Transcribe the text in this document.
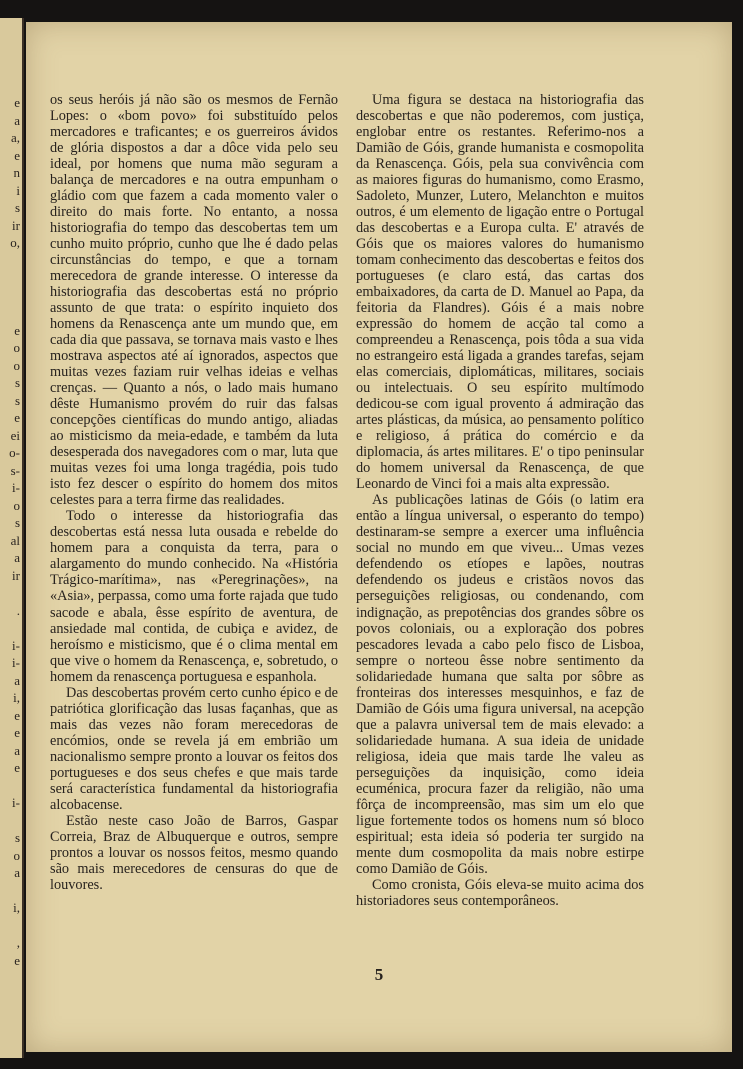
e
a
a,
e
n
i
s
ir
o,
e
o
o
s
s
e
ei
o-
s-
i-
o
s
al
a
ir
.
i-
i-
a
i,
e
e
a
e
i-
s
o
a
i,
,
e

os seus heróis já não são os mesmos de Fernão Lopes: o «bom povo» foi substituído pelos mercadores e traficantes; e os guerreiros ávidos de glória dispostos a dar a dôce vida pelo seu ideal, por homens que numa mão seguram a balança de mercadores e na outra empunham o gládio com que fazem a cada momento valer o direito do mais forte. No entanto, a nossa historiografia do tempo das descobertas tem um cunho muito próprio, cunho que lhe é dado pelas circunstâncias do tempo, e que a tornam merecedora de grande interesse. O interesse da historiografia das descobertas está no próprio assunto de que trata: o espírito inquieto dos homens da Renascença ante um mundo que, em cada dia que passava, se tornava mais vasto e lhes mostrava aspectos até aí ignorados, aspectos que muitas vezes faziam ruir velhas ideias e velhas crenças. — Quanto a nós, o lado mais humano dêste Humanismo provém do ruir das falsas concepções científicas do mundo antigo, aliadas ao misticismo da meia-edade, e também da luta desesperada dos navegadores com o mar, luta que muitas vezes foi uma longa tragédia, pois tudo isto fez descer o espírito do homem dos mitos celestes para a terra firme das realidades.

Todo o interesse da historiografia das descobertas está nessa luta ousada e rebelde do homem para a conquista da terra, para o alargamento do mundo conhecido. Na «História Trágico-marítima», nas «Peregrinações», na «Asia», perpassa, como uma forte rajada que tudo sacode e abala, êsse espírito de aventura, de ansiedade mal contida, de cubiça e avidez, de heroísmo e misticismo, que é o clima mental em que vive o homem da Renascença, e, sobretudo, o homem da renascença portuguesa e espanhola.

Das descobertas provém certo cunho épico e de patriótica glorificação das lusas façanhas, que as mais das vezes não foram merecedoras de encómios, onde se revela já em embrião um nacionalismo sempre pronto a louvar os feitos dos portugueses e dos seus chefes e que mais tarde será característica fundamental da historiografia alcobacense.

Estão neste caso João de Barros, Gaspar Correia, Braz de Albuquerque e outros, sempre prontos a louvar os nossos feitos, mesmo quando são mais merecedores de censuras do que de louvores.

Uma figura se destaca na historiografia das descobertas e que não poderemos, com justiça, englobar entre os restantes. Referimo-nos a Damião de Góis, grande humanista e cosmopolita da Renascença. Góis, pela sua convivência com as maiores figuras do humanismo, como Erasmo, Sadoleto, Munzer, Lutero, Melanchton e muitos outros, é um elemento de ligação entre o Portugal das descobertas e a Europa culta. E' através de Góis que os maiores valores do humanismo tomam conhecimento das descobertas e feitos dos portugueses (e claro está, das cartas dos embaixadores, da carta de D. Manuel ao Papa, da feitoria da Flandres). Góis é a mais nobre expressão do homem de acção tal como a compreendeu a Renascença, pois tôda a sua vida no estrangeiro está ligada a grandes tarefas, sejam elas comerciais, diplomáticas, militares, sociais ou intelectuais. O seu espírito multímodo dedicou-se com igual provento á admiração das artes plásticas, da música, ao pensamento político e religioso, á prática do comércio e da diplomacia, ás artes militares. E' o tipo peninsular do homem universal da Renascença, de que Leonardo de Vinci foi a mais alta expressão.

As publicações latinas de Góis (o latim era então a língua universal, o esperanto do tempo) destinaram-se sempre a exercer uma influência social no mundo em que viveu... Umas vezes defendendo os etíopes e lapões, noutras defendendo os judeus e cristãos novos das perseguições religiosas, ou condenando, com indignação, as prepotências dos grandes sôbre os povos coloniais, ou a exploração dos pobres pescadores levada a cabo pelo fisco de Lisboa, sempre o norteou êsse nobre sentimento da solidariedade humana que salta por sôbre as fronteiras dos interesses mesquinhos, e faz de Damião de Góis uma figura universal, na acepção que a palavra universal tem de mais elevado: a solidariedade humana. A sua ideia de unidade religiosa, ideia que mais tarde lhe valeu as perseguições da inquisição, como ideia ecuménica, procura fazer da religião, não uma fôrça de incompreensão, mas sim um elo que ligue fortemente todos os homens num só bloco espiritual; esta ideia só poderia ter surgido na mente dum cosmopolita da mais nobre estirpe como Damião de Góis.

Como cronista, Góis eleva-se muito acima dos historiadores seus contemporâneos.

5
